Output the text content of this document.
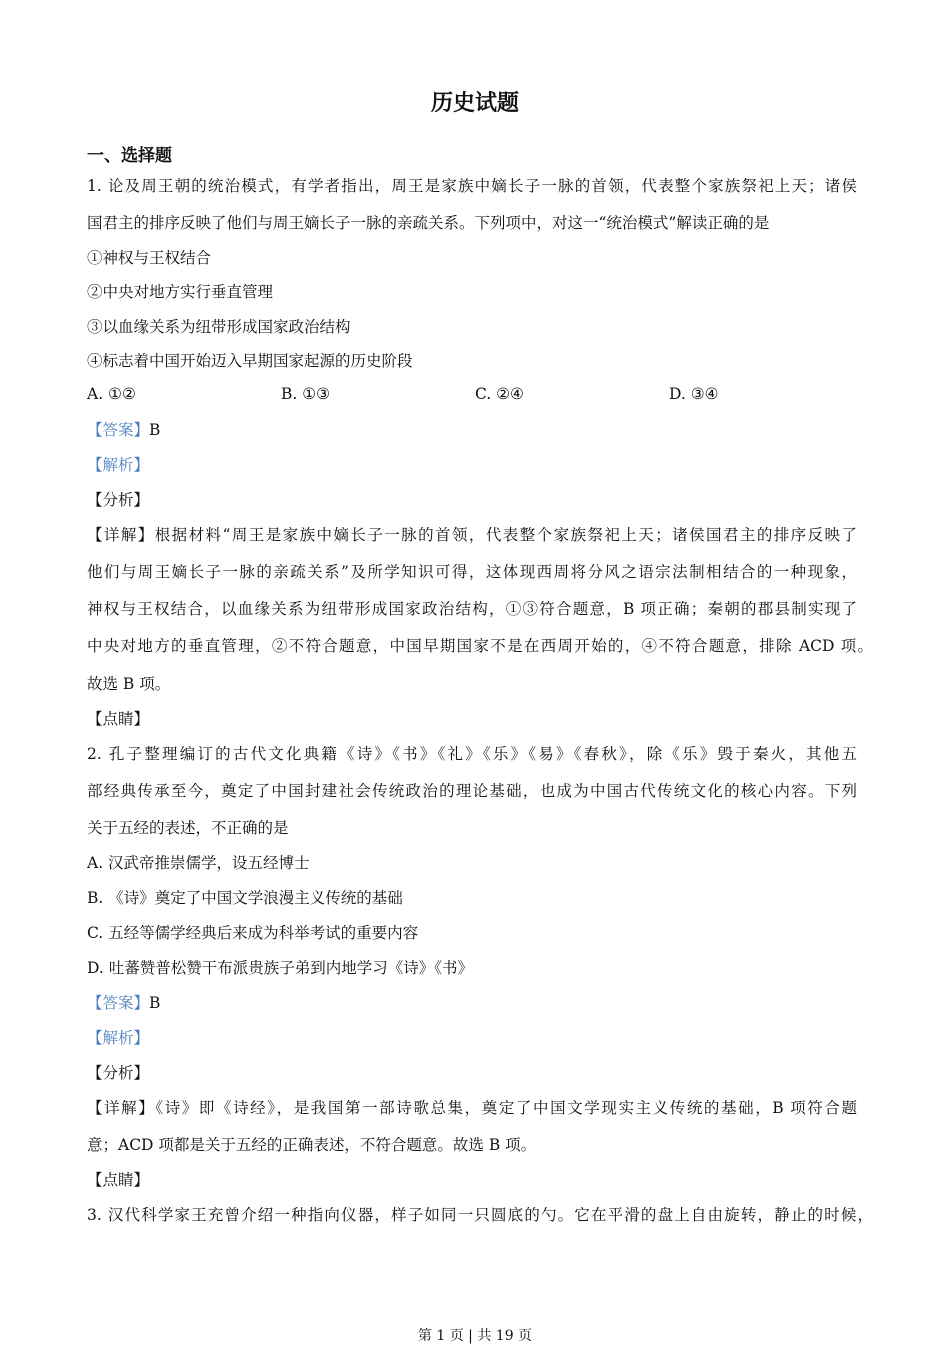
历史试题
一、选择题
1. 论及周王朝的统治模式，有学者指出，周王是家族中嫡长子一脉的首领，代表整个家族祭祀上天；诸侯
国君主的排序反映了他们与周王嫡长子一脉的亲疏关系。下列项中，对这一“统治模式”解读正确的是
①神权与王权结合
②中央对地方实行垂直管理
③以血缘关系为纽带形成国家政治结构
④标志着中国开始迈入早期国家起源的历史阶段
A. ①②	B. ①③	C. ②④	D. ③④
【答案】B
【解析】
【分析】
【详解】根据材料“周王是家族中嫡长子一脉的首领，代表整个家族祭祀上天；诸侯国君主的排序反映了
他们与周王嫡长子一脉的亲疏关系”及所学知识可得，这体现西周将分风之语宗法制相结合的一种现象，
神权与王权结合，以血缘关系为纽带形成国家政治结构，①③符合题意，B 项正确；秦朝的郡县制实现了
中央对地方的垂直管理，②不符合题意，中国早期国家不是在西周开始的，④不符合题意，排除 ACD 项。
故选 B 项。
【点睛】
2. 孔子整理编订的古代文化典籍《诗》《书》《礼》《乐》《易》《春秋》，除《乐》毁于秦火，其他五
部经典传承至今，奠定了中国封建社会传统政治的理论基础，也成为中国古代传统文化的核心内容。下列
关于五经的表述，不正确的是
A. 汉武帝推崇儒学，设五经博士
B. 《诗》奠定了中国文学浪漫主义传统的基础
C. 五经等儒学经典后来成为科举考试的重要内容
D. 吐蕃赞普松赞干布派贵族子弟到内地学习《诗》《书》
【答案】B
【解析】
【分析】
【详解】《诗》即《诗经》，是我国第一部诗歌总集，奠定了中国文学现实主义传统的基础，B 项符合题
意；ACD 项都是关于五经的正确表述，不符合题意。故选 B 项。
【点睛】
3. 汉代科学家王充曾介绍一种指向仪器，样子如同一只圆底的勺。它在平滑的盘上自由旋转，静止的时候，
第 1 页 | 共 19 页
